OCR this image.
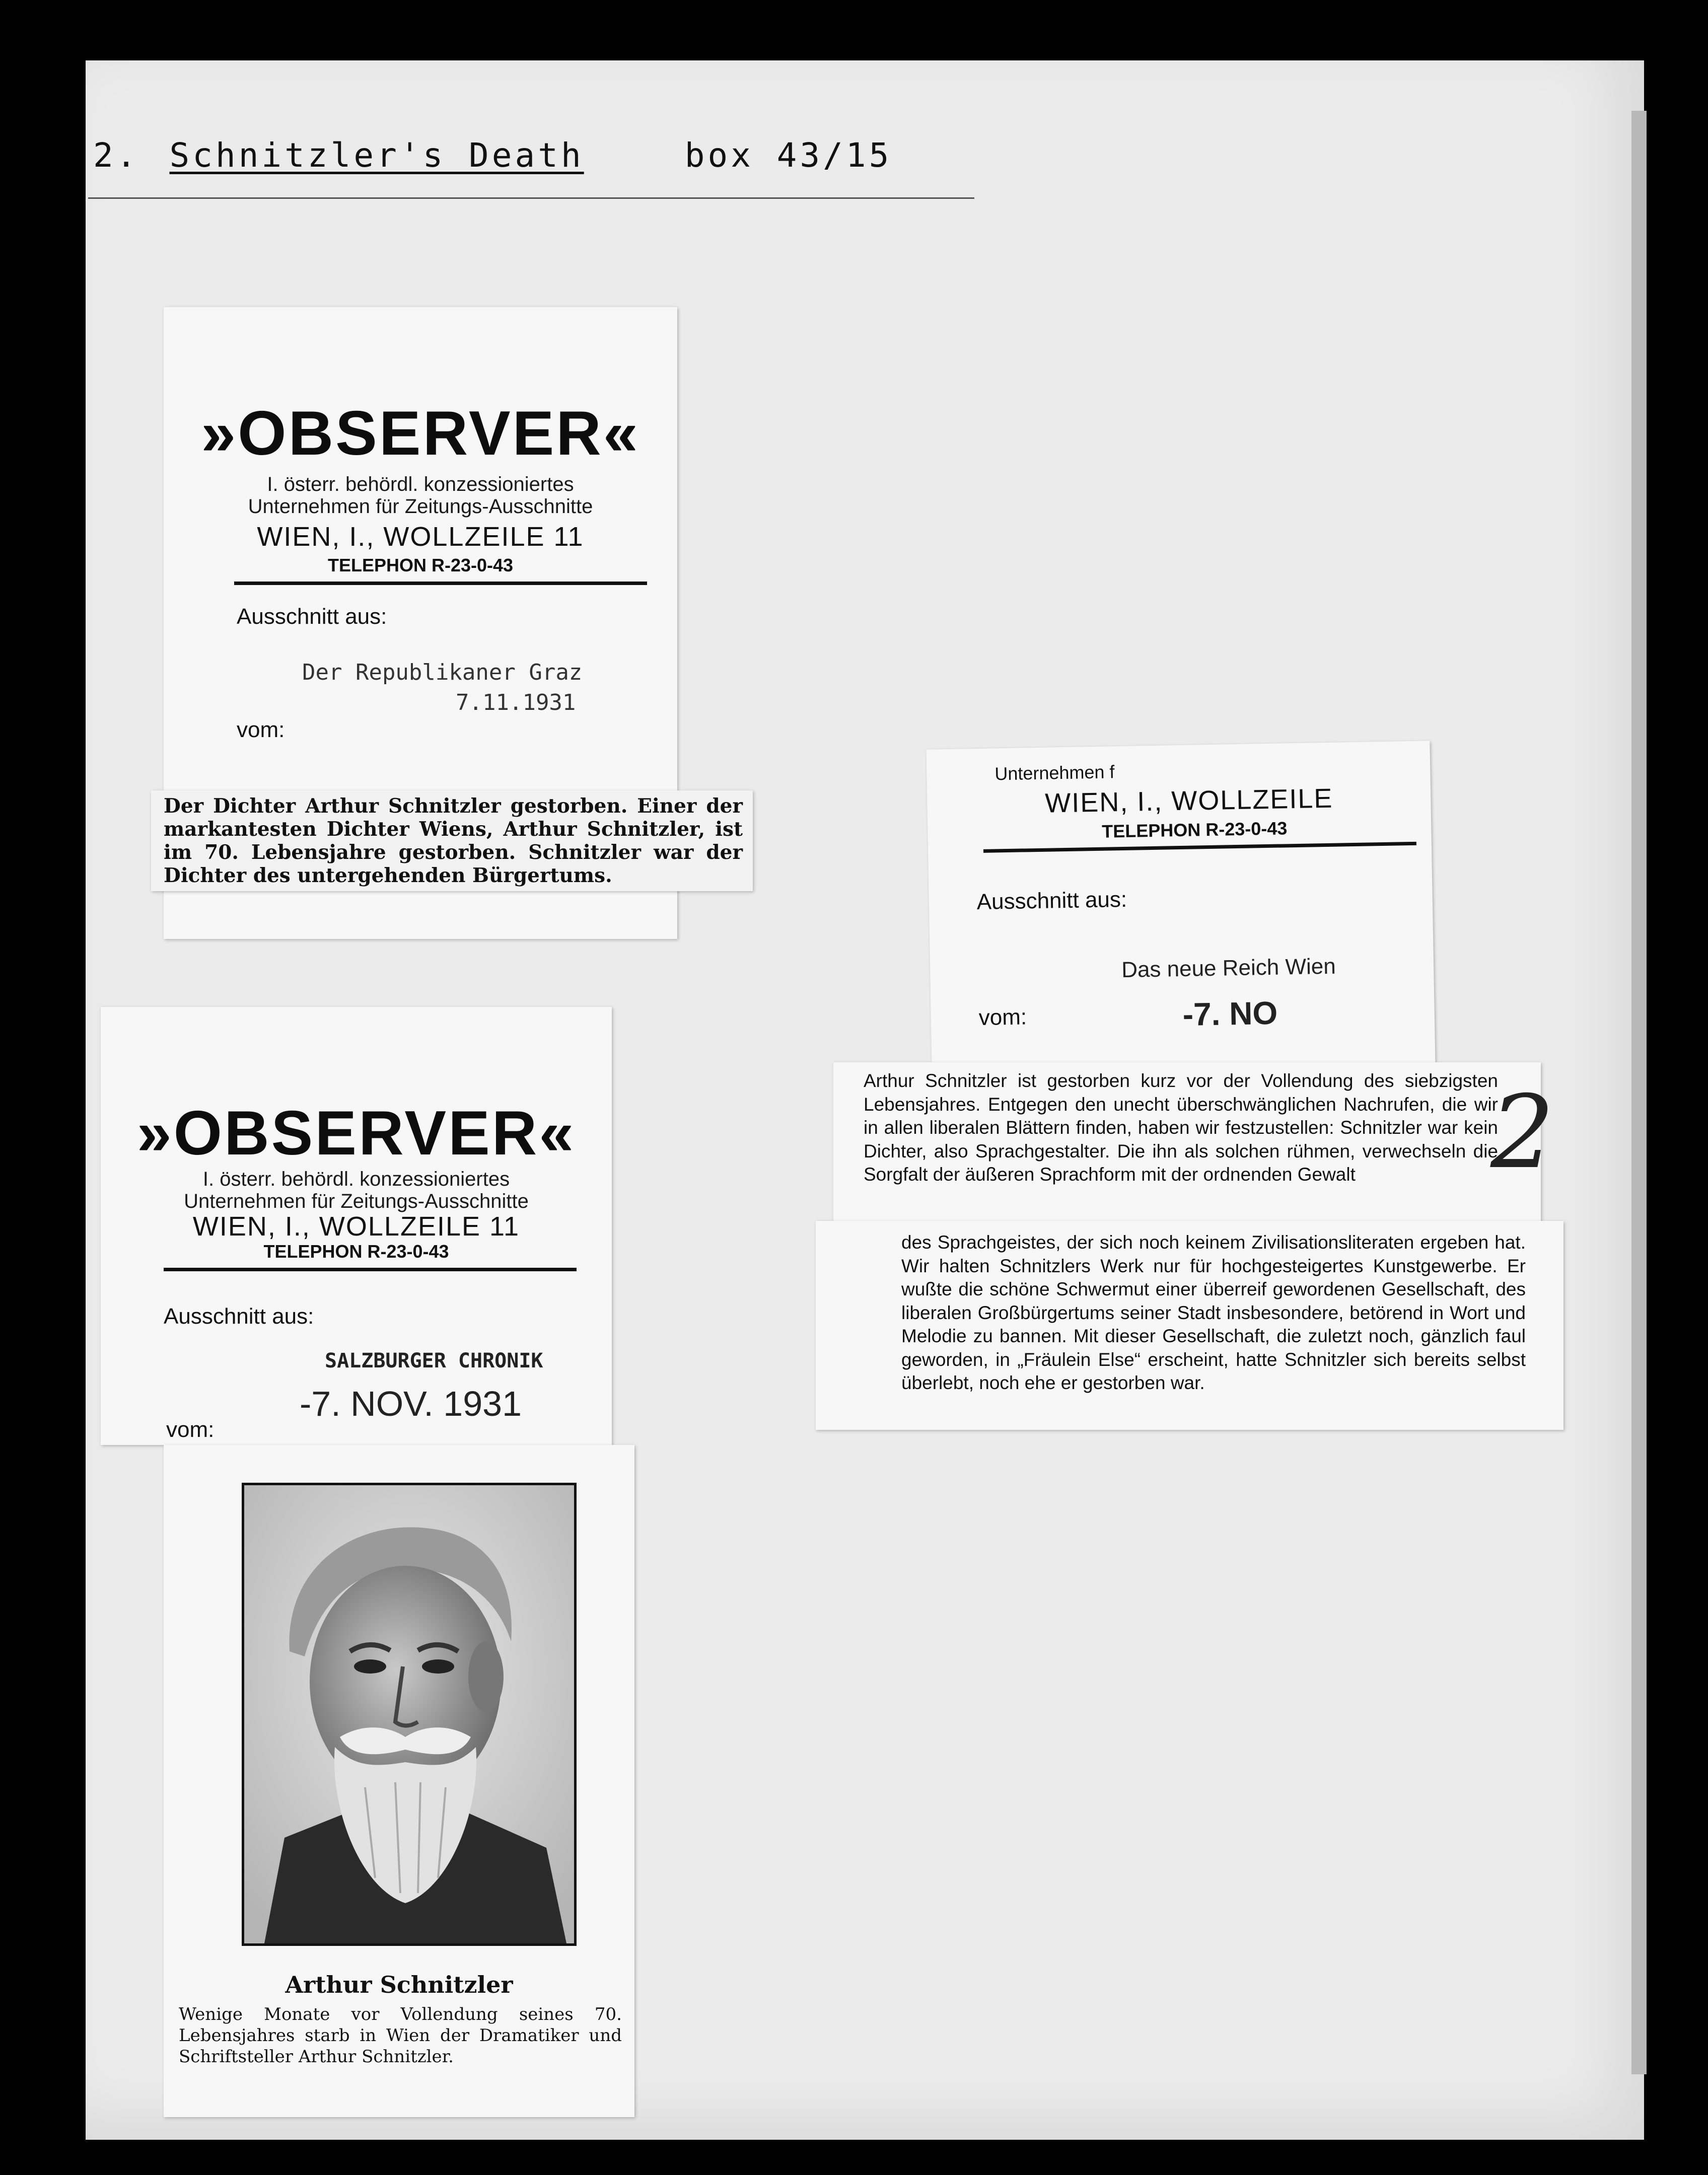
2. Schnitzler's Death	box 43/15
»OBSERVER«
I. österr. behördl. konzessioniertes
Unternehmen für Zeitungs-Ausschnitte
WIEN, I., WOLLZEILE 11
TELEPHON R-23-0-43
Ausschnitt aus:
Der Republikaner Graz
7.11.1931
vom:
Der Dichter Arthur Schnitzler gestorben. Einer der markantesten Dichter Wiens, Arthur Schnitzler, ist im 70. Lebensjahre gestorben. Schnitzler war der Dichter des untergehenden Bürgertums.
Unternehmen f
WIEN, I., WOLLZEILE
TELEPHON R-23-0-43
Ausschnitt aus:
Das neue Reich Wien
vom:	-7. NO
Arthur Schnitzler ist gestorben kurz vor der Vollendung des siebzigsten Lebensjahres. Entgegen den unecht überschwänglichen Nachrufen, die wir in allen liberalen Blättern finden, haben wir festzustellen: Schnitzler war kein Dichter, also Sprachgestalter. Die ihn als solchen rühmen, verwechseln die Sorgfalt der äußeren Sprachform mit der ordnenden Gewalt	2
des Sprachgeistes, der sich noch keinem Zivilisationsliteraten ergeben hat. Wir halten Schnitzlers Werk nur für hochgesteigertes Kunstgewerbe. Er wußte die schöne Schwermut einer überreif gewordenen Gesellschaft, des liberalen Großbürgertums seiner Stadt insbesondere, betörend in Wort und Melodie zu bannen. Mit dieser Gesellschaft, die zuletzt noch, gänzlich faul geworden, in „Fräulein Else“ erscheint, hatte Schnitzler sich bereits selbst überlebt, noch ehe er gestorben war.
»OBSERVER«
I. österr. behördl. konzessioniertes
Unternehmen für Zeitungs-Ausschnitte
WIEN, I., WOLLZEILE 11
TELEPHON R-23-0-43
Ausschnitt aus:
SALZBURGER CHRONIK
-7. NOV. 1931
vom:
Arthur Schnitzler
Wenige Monate vor Vollendung seines 70. Lebensjahres starb in Wien der Dramatiker und Schriftsteller Arthur Schnitzler.
